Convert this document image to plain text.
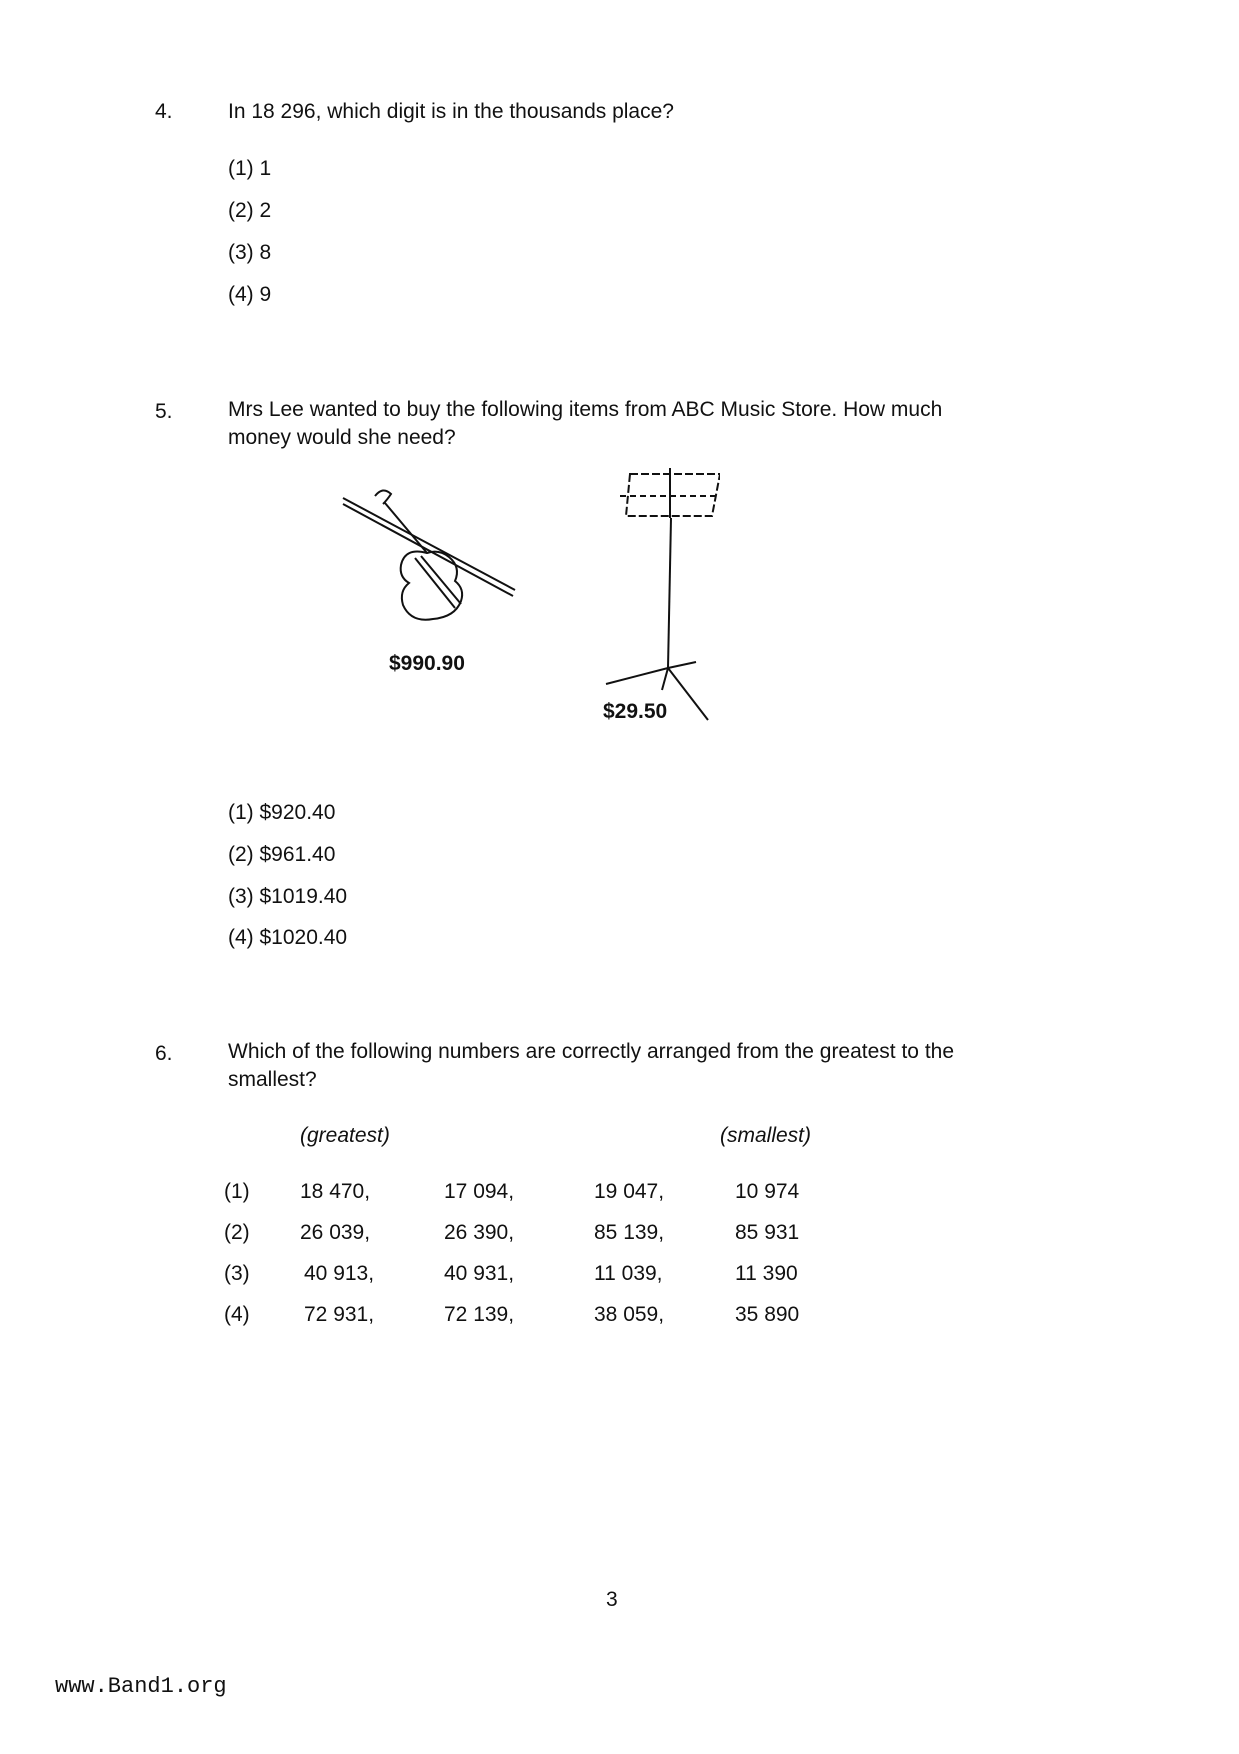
4.	In 18 296, which digit is in the thousands place?
(1) 1
(2) 2
(3) 8
(4) 9
5.	Mrs Lee wanted to buy the following items from ABC Music Store. How much
money would she need?
$990.90
$29.50
(1) $920.40
(2) $961.40
(3) $1019.40
(4) $1020.40
6.	Which of the following numbers are correctly arranged from the greatest to the
smallest?
(greatest)	(smallest)
(1) 18 470,	17 094,	19 047,	10 974
(2) 26 039,	26 390,	85 139,	85 931
(3)	40 913,	40 931,	11 039,	11 390
(4)	72 931,	72 139,	38 059,	35 890
3
www.Band1.org
